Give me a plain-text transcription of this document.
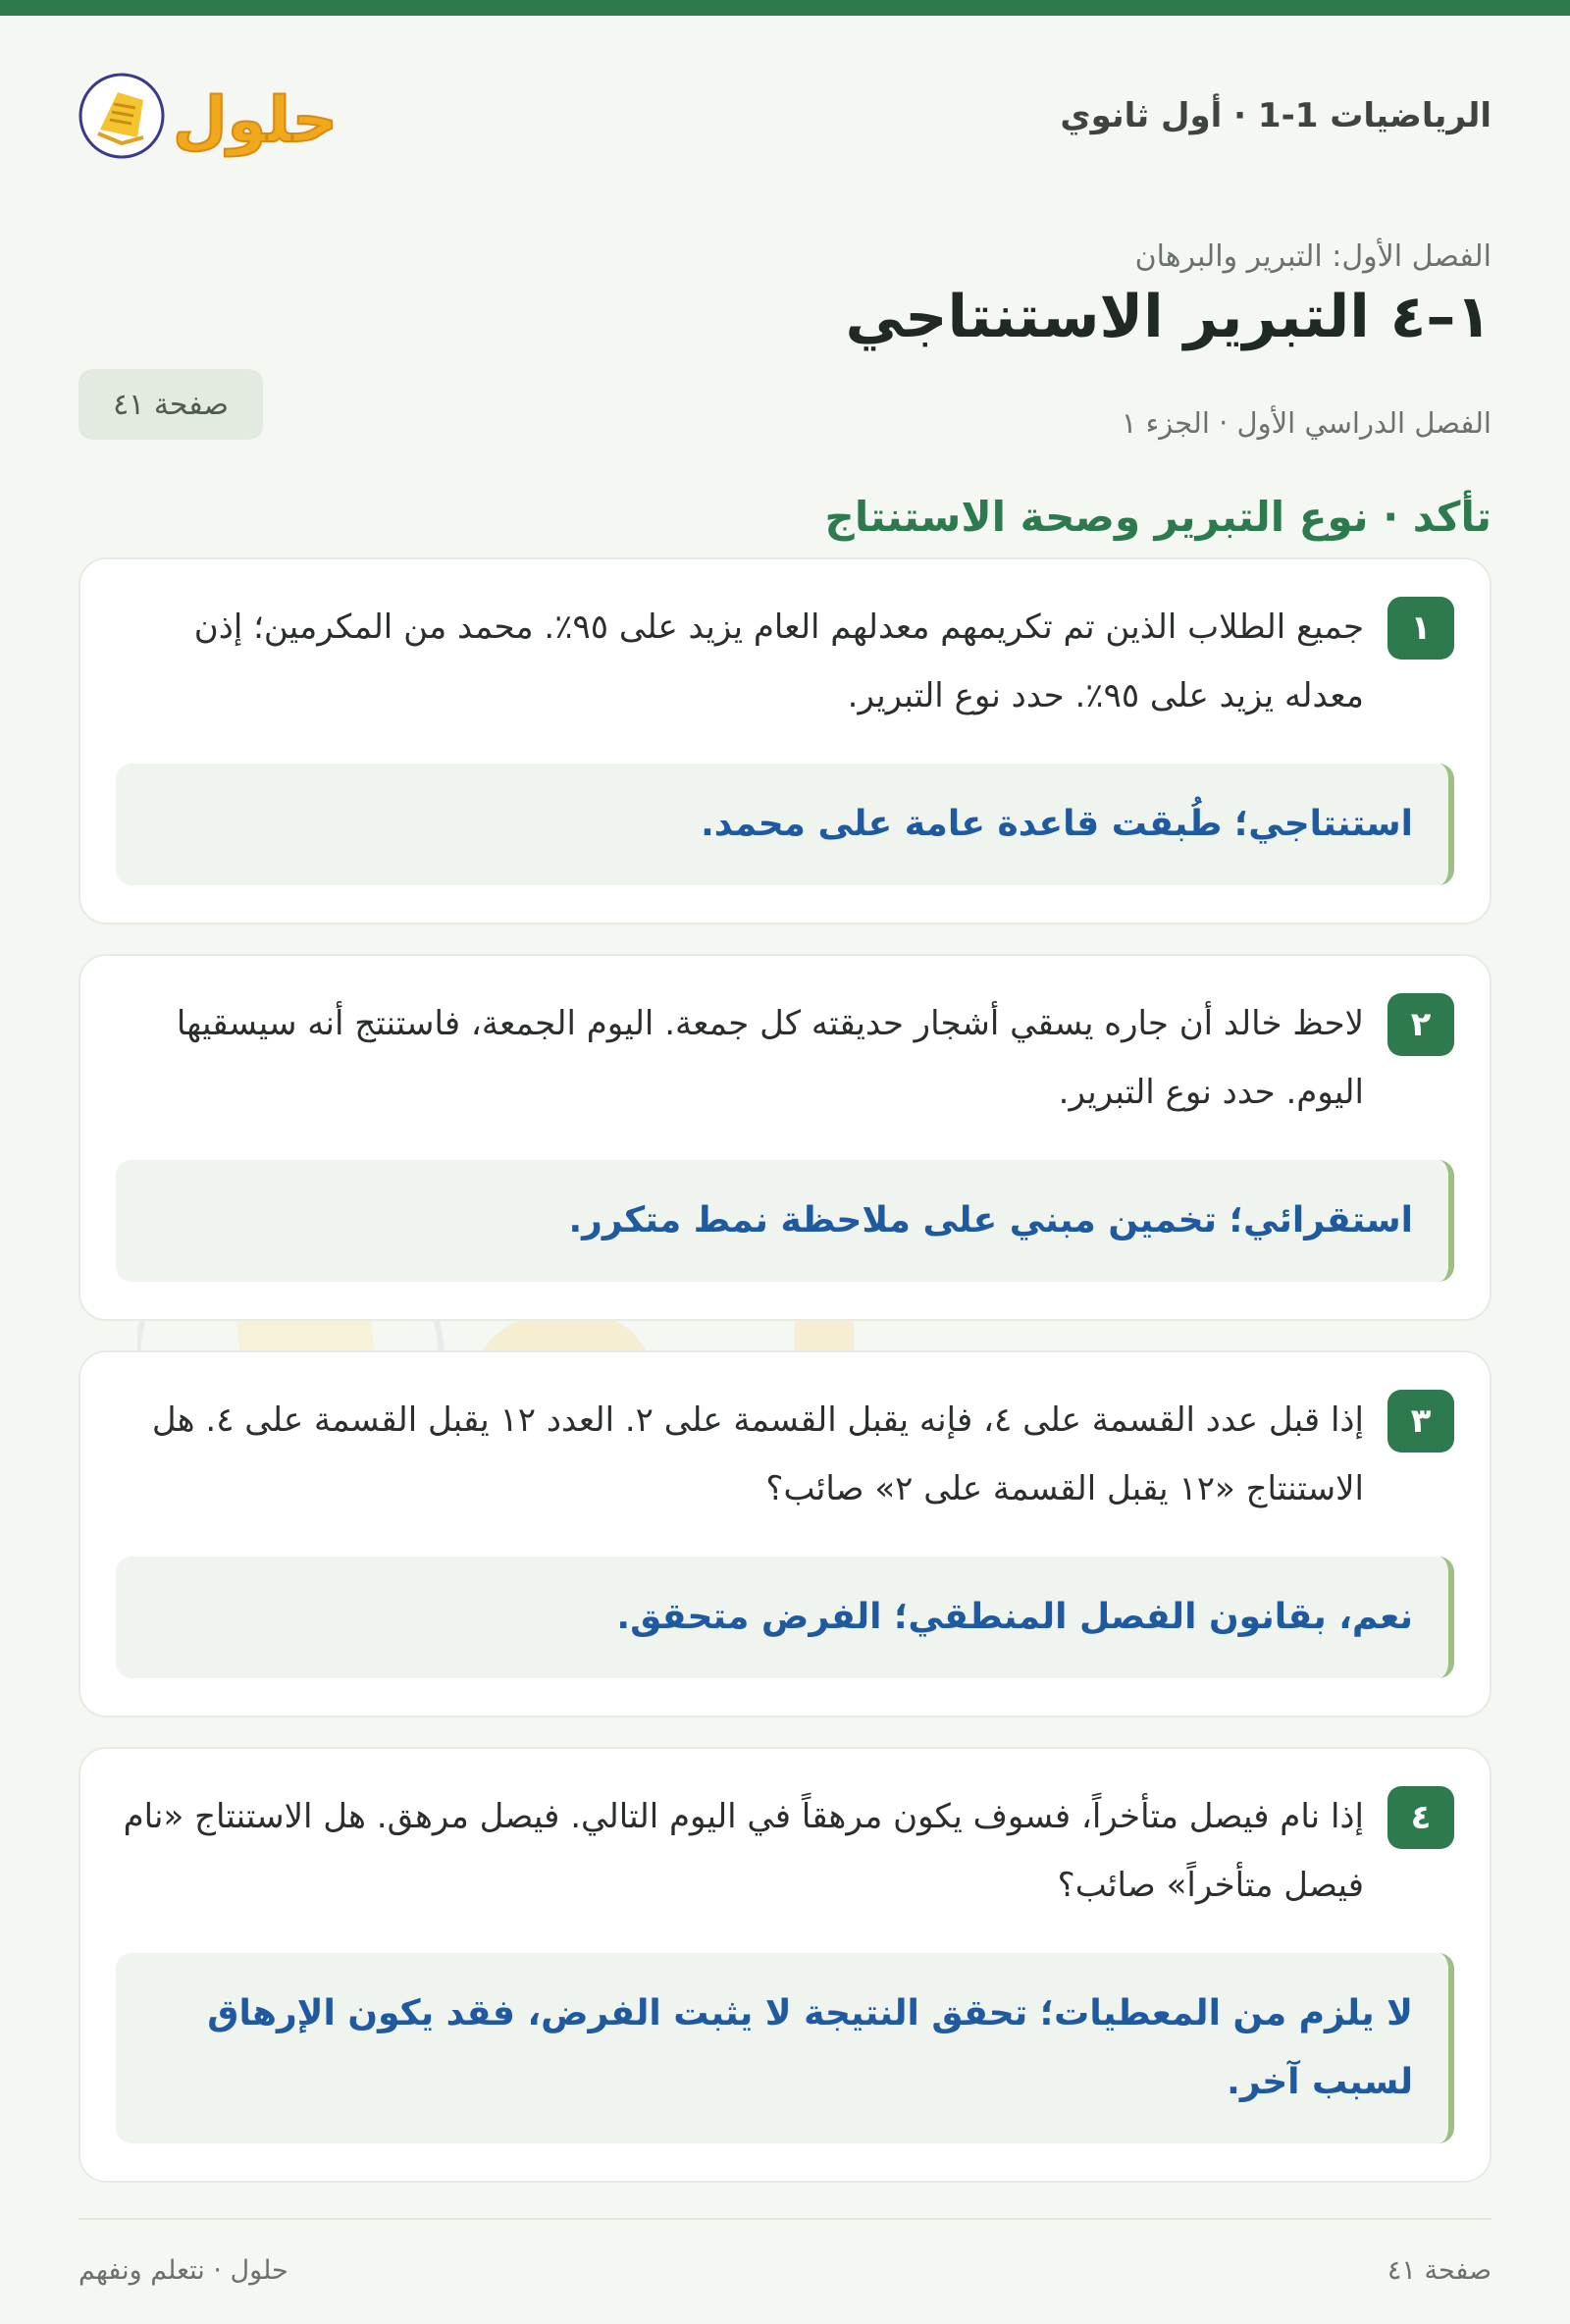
الرياضيات 1-1 · أول ثانوي
حلول
الفصل الأول: التبرير والبرهان
١–٤ التبرير الاستنتاجي
الفصل الدراسي الأول · الجزء ١
صفحة ٤١
تأكد · نوع التبرير وصحة الاستنتاج
١
جميع الطلاب الذين تم تكريمهم معدلهم العام يزيد على ٩٥٪. محمد من المكرمين؛ إذن معدله يزيد على ٩٥٪. حدد نوع التبرير.
استنتاجي؛ طُبقت قاعدة عامة على محمد.
٢
لاحظ خالد أن جاره يسقي أشجار حديقته كل جمعة. اليوم الجمعة، فاستنتج أنه سيسقيها اليوم. حدد نوع التبرير.
استقرائي؛ تخمين مبني على ملاحظة نمط متكرر.
٣
إذا قبل عدد القسمة على ٤، فإنه يقبل القسمة على ٢. العدد ١٢ يقبل القسمة على ٤. هل الاستنتاج «١٢ يقبل القسمة على ٢» صائب؟
نعم، بقانون الفصل المنطقي؛ الفرض متحقق.
٤
إذا نام فيصل متأخراً، فسوف يكون مرهقاً في اليوم التالي. فيصل مرهق. هل الاستنتاج «نام فيصل متأخراً» صائب؟
لا يلزم من المعطيات؛ تحقق النتيجة لا يثبت الفرض، فقد يكون الإرهاق لسبب آخر.
صفحة ٤١
حلول · نتعلم ونفهم
